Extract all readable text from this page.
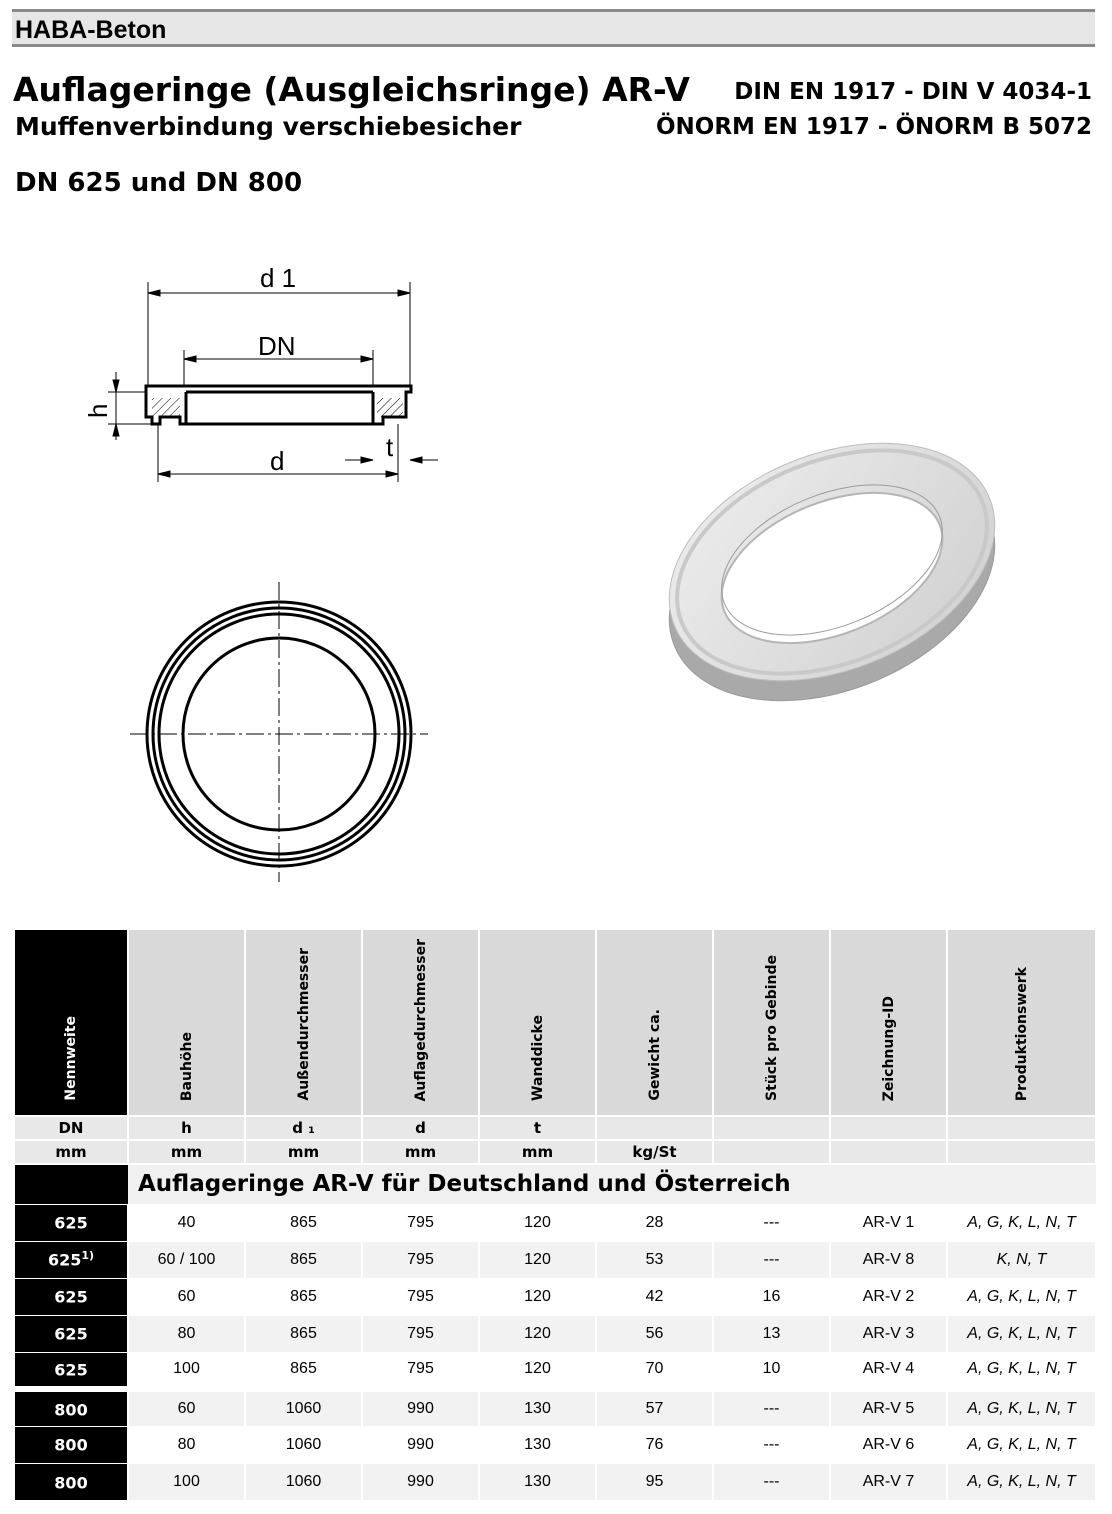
HABA-Beton
Auflageringe (Ausgleichsringe) AR-V
Muffenverbindung verschiebesicher
DIN EN 1917 - DIN V 4034-1
ÖNORM EN 1917 - ÖNORM B 5072
DN 625 und DN 800
d 1
DN
h
d	t
Nennweite	Bauhöhe	Außendurchmesser	Auflagedurchmesser	Wanddicke	Gewicht ca.	Stück pro Gebinde	Zeichnung-ID	Produktionswerk

DN	h	d ₁	d	t				
mm	mm	mm	mm	mm	kg/St			
	Auflageringe AR-V für Deutschland und Österreich							
625	40	865	795	120	28	---	AR-V 1	A, G, K, L, N, T
625$^{1)}$	60 / 100	865	795	120	53	---	AR-V 8	K, N, T
625	60	865	795	120	42	16	AR-V 2	A, G, K, L, N, T
625	80	865	795	120	56	13	AR-V 3	A, G, K, L, N, T
625	100	865	795	120	70	10	AR-V 4	A, G, K, L, N, T
800	60	1060	990	130	57	---	AR-V 5	A, G, K, L, N, T
800	80	1060	990	130	76	---	AR-V 6	A, G, K, L, N, T
800	100	1060	990	130	95	---	AR-V 7	A, G, K, L, N, T
